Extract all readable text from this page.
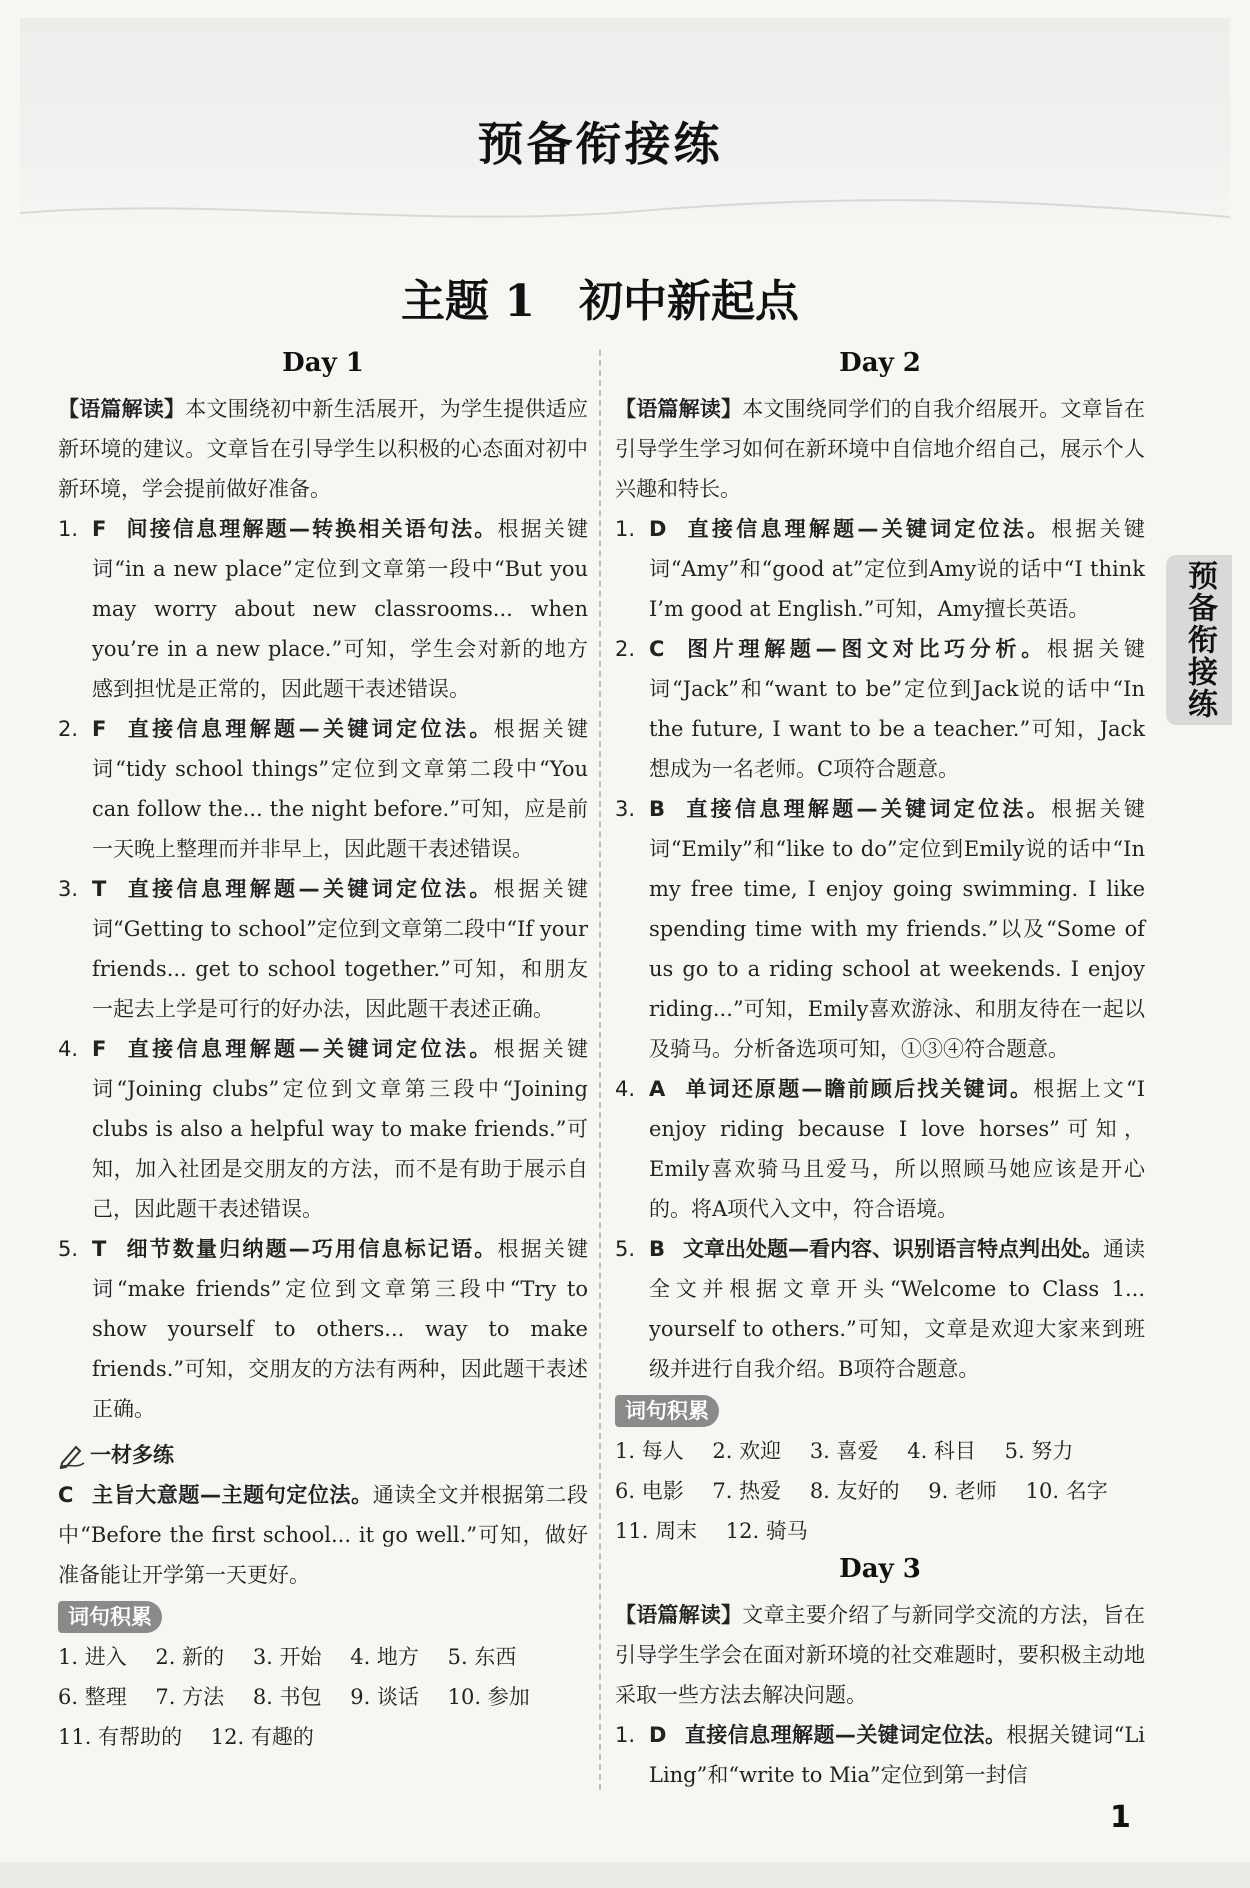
预备衔接练
主题 1　初中新起点
预备衔接练
Day 1

【语篇解读】本文围绕初中新生活展开，为学生提供适应新环境的建议。文章旨在引导学生以积极的心态面对初中新环境，学会提前做好准备。

1. F 间接信息理解题—转换相关语句法。根据关键词“in a new place”定位到文章第一段中“But you may worry about new classrooms... when you’re in a new place.”可知，学生会对新的地方感到担忧是正常的，因此题干表述错误。
2. F 直接信息理解题—关键词定位法。根据关键词“tidy school things”定位到文章第二段中“You can follow the... the night before.”可知，应是前一天晚上整理而并非早上，因此题干表述错误。
3. T 直接信息理解题—关键词定位法。根据关键词“Getting to school”定位到文章第二段中“If your friends... get to school together.”可知，和朋友一起去上学是可行的好办法，因此题干表述正确。
4. F 直接信息理解题—关键词定位法。根据关键词“Joining clubs”定位到文章第三段中“Joining clubs is also a helpful way to make friends.”可知，加入社团是交朋友的方法，而不是有助于展示自己，因此题干表述错误。
5. T 细节数量归纳题—巧用信息标记语。根据关键词“make friends”定位到文章第三段中“Try to show yourself to others... way to make friends.”可知，交朋友的方法有两种，因此题干表述正确。
一材多练

C 主旨大意题—主题句定位法。通读全文并根据第二段中“Before the first school... it go well.”可知，做好准备能让开学第一天更好。

词句积累

1. 进入 2. 新的 3. 开始 4. 地方 5. 东西
6. 整理 7. 方法 8. 书包 9. 谈话 10. 参加
11. 有帮助的 12. 有趣的

Day 2

【语篇解读】本文围绕同学们的自我介绍展开。文章旨在引导学生学习如何在新环境中自信地介绍自己，展示个人兴趣和特长。

1. D 直接信息理解题—关键词定位法。根据关键词“Amy”和“good at”定位到Amy说的话中“I think I’m good at English.”可知，Amy擅长英语。
2. C 图片理解题—图文对比巧分析。根据关键词“Jack”和“want to be”定位到Jack说的话中“In the future, I want to be a teacher.”可知，Jack想成为一名老师。C项符合题意。
3. B 直接信息理解题—关键词定位法。根据关键词“Emily”和“like to do”定位到Emily说的话中“In my free time, I enjoy going swimming. I like spending time with my friends.”以及“Some of us go to a riding school at weekends. I enjoy riding...”可知，Emily喜欢游泳、和朋友待在一起以及骑马。分析备选项可知，①③④符合题意。
4. A 单词还原题—瞻前顾后找关键词。根据上文“I enjoy riding because I love horses”可知，Emily喜欢骑马且爱马，所以照顾马她应该是开心的。将A项代入文中，符合语境。
5. B 文章出处题—看内容、识别语言特点判出处。通读全文并根据文章开头“Welcome to Class 1... yourself to others.”可知，文章是欢迎大家来到班级并进行自我介绍。B项符合题意。
词句积累

1. 每人 2. 欢迎 3. 喜爱 4. 科目 5. 努力
6. 电影 7. 热爱 8. 友好的 9. 老师 10. 名字
11. 周末 12. 骑马

Day 3

【语篇解读】文章主要介绍了与新同学交流的方法，旨在引导学生学会在面对新环境的社交难题时，要积极主动地采取一些方法去解决问题。

1. D 直接信息理解题—关键词定位法。根据关键词“Li Ling”和“write to Mia”定位到第一封信
1
